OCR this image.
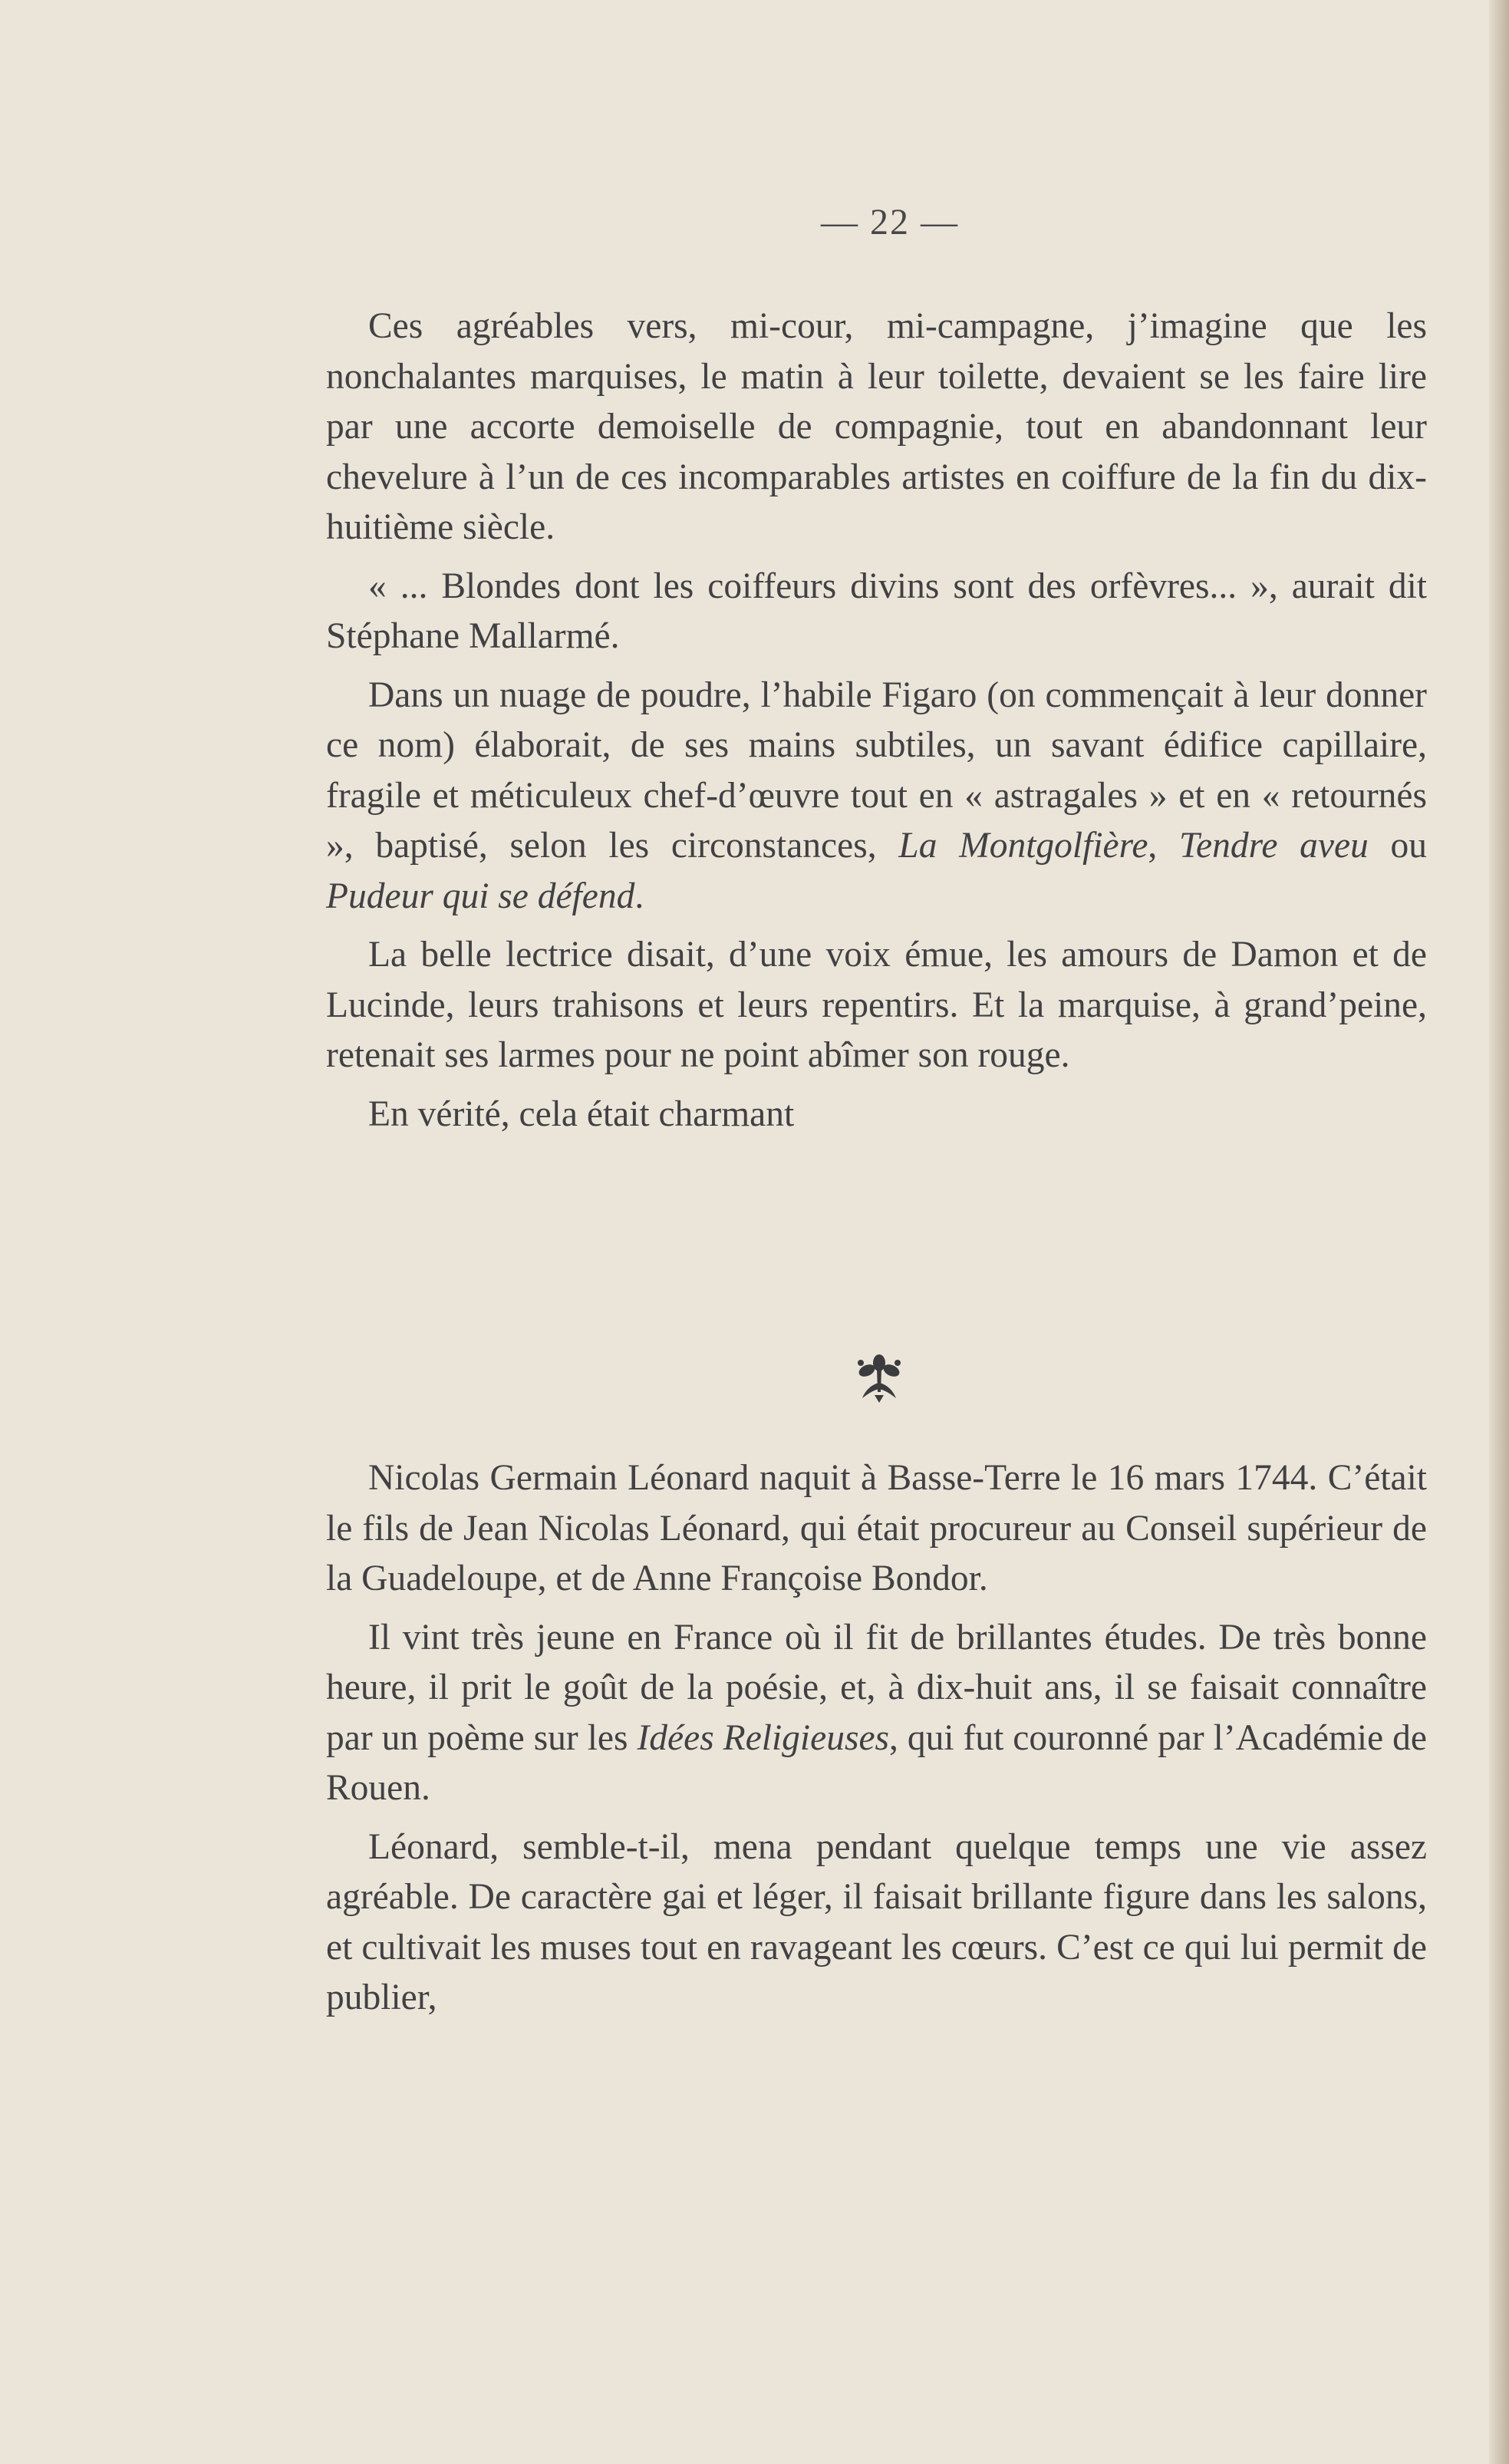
— 22 —

Ces agréables vers, mi-cour, mi-campagne, j’imagine que les nonchalantes marquises, le matin à leur toilette, devaient se les faire lire par une accorte demoiselle de compagnie, tout en abandonnant leur chevelure à l’un de ces incomparables artistes en coiffure de la fin du dix-huitième siècle.

« ... Blondes dont les coiffeurs divins sont des orfèvres... », aurait dit Stéphane Mallarmé.

Dans un nuage de poudre, l’habile Figaro (on commençait à leur donner ce nom) élaborait, de ses mains subtiles, un savant édifice capillaire, fragile et méticuleux chef-d’œuvre tout en « astragales » et en « retournés », baptisé, selon les circonstances, La Montgolfière, Tendre aveu ou Pudeur qui se défend.

La belle lectrice disait, d’une voix émue, les amours de Damon et de Lucinde, leurs trahisons et leurs repentirs. Et la marquise, à grand’peine, retenait ses larmes pour ne point abîmer son rouge.

En vérité, cela était charmant

Nicolas Germain Léonard naquit à Basse-Terre le 16 mars 1744. C’était le fils de Jean Nicolas Léonard, qui était procureur au Conseil supérieur de la Guadeloupe, et de Anne Françoise Bondor.

Il vint très jeune en France où il fit de brillantes études. De très bonne heure, il prit le goût de la poésie, et, à dix-huit ans, il se faisait connaître par un poème sur les Idées Religieuses, qui fut couronné par l’Académie de Rouen.

Léonard, semble-t-il, mena pendant quelque temps une vie assez agréable. De caractère gai et léger, il faisait brillante figure dans les salons, et cultivait les muses tout en ravageant les cœurs. C’est ce qui lui permit de publier,
